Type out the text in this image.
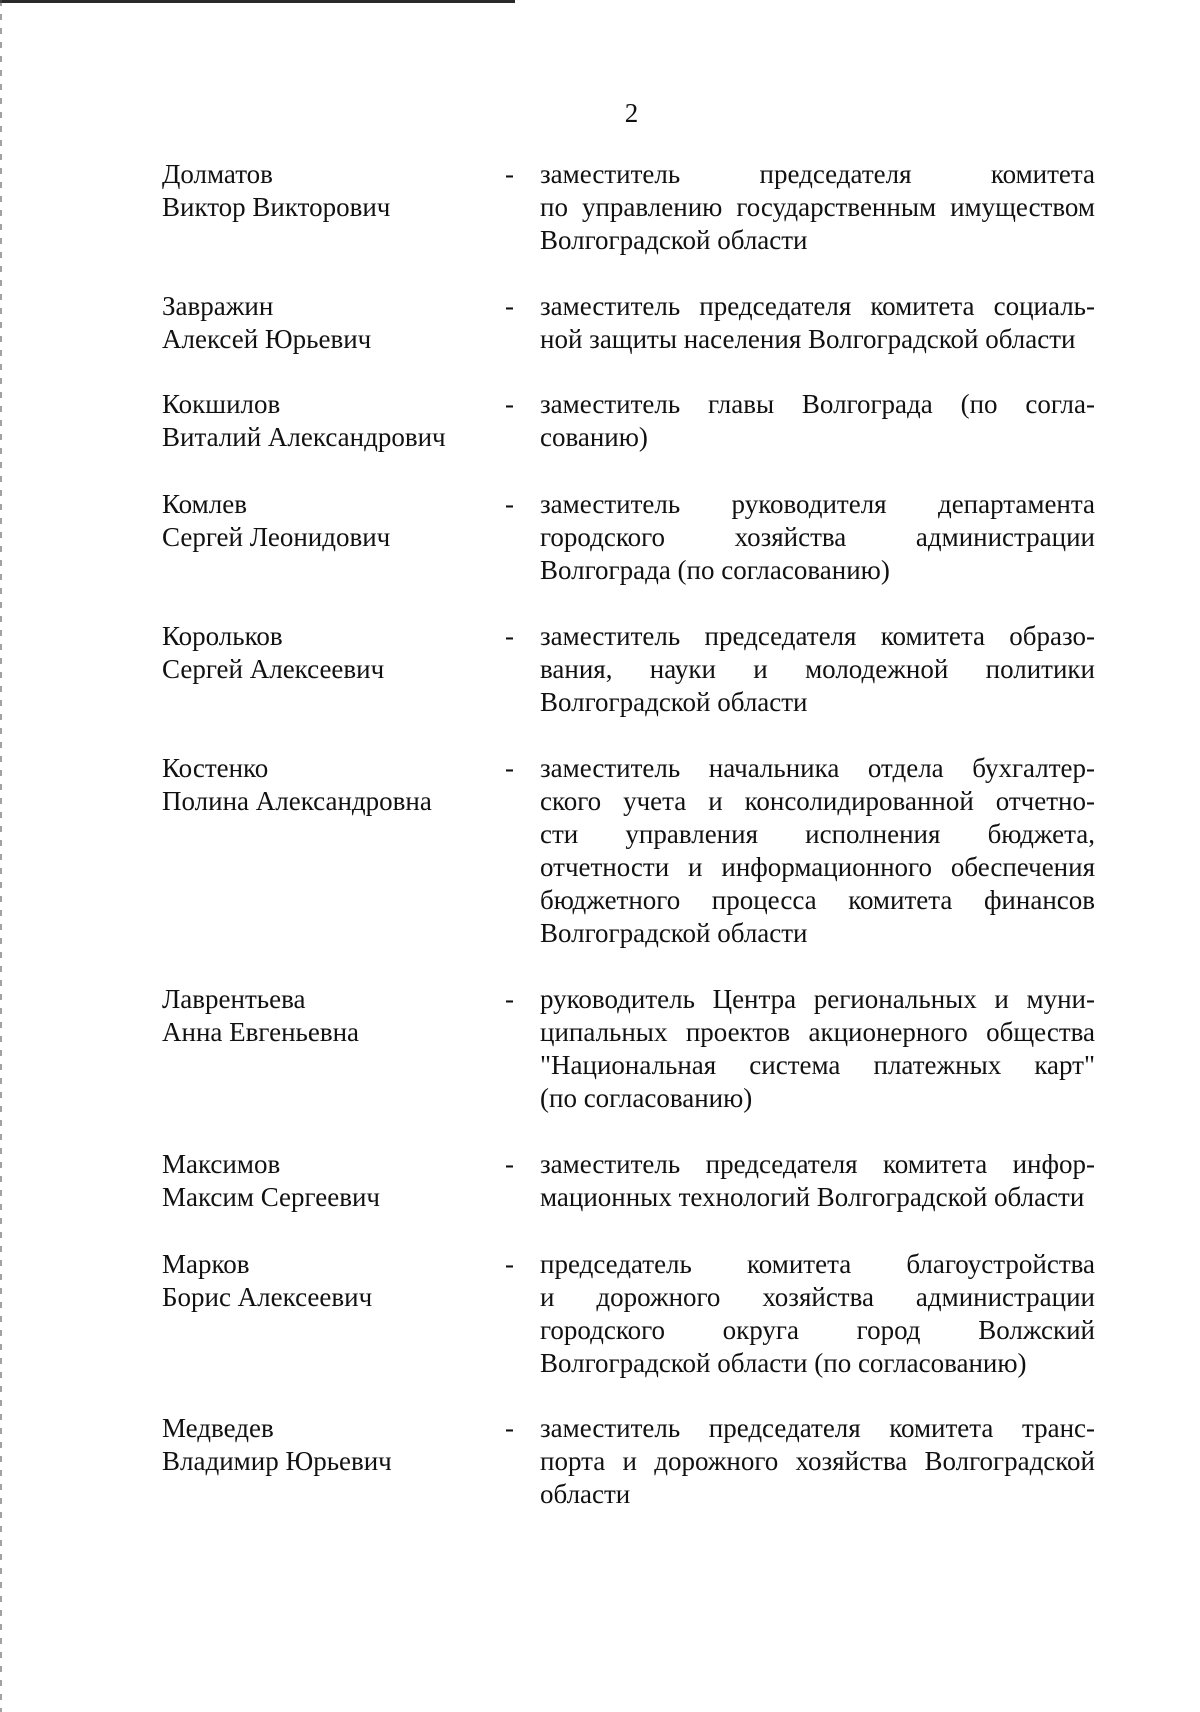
2
Долматов
Виктор Викторович
- заместитель председателя комитета
по управлению государственным имуществом
Волгоградской области
Завражин
Алексей Юрьевич
- заместитель председателя комитета социаль-
ной защиты населения Волгоградской области
Кокшилов
Виталий Александрович
- заместитель главы Волгограда (по согла-
сованию)
Комлев
Сергей Леонидович
- заместитель руководителя департамента
городского хозяйства администрации
Волгограда (по согласованию)
Корольков
Сергей Алексеевич
- заместитель председателя комитета образо-
вания, науки и молодежной политики
Волгоградской области
Костенко
Полина Александровна
- заместитель начальника отдела бухгалтер-
ского учета и консолидированной отчетно-
сти управления исполнения бюджета,
отчетности и информационного обеспечения
бюджетного процесса комитета финансов
Волгоградской области
Лаврентьева
Анна Евгеньевна
- руководитель Центра региональных и муни-
ципальных проектов акционерного общества
"Национальная система платежных карт"
(по согласованию)
Максимов
Максим Сергеевич
- заместитель председателя комитета инфор-
мационных технологий Волгоградской области
Марков
Борис Алексеевич
- председатель комитета благоустройства
и дорожного хозяйства администрации
городского округа город Волжский
Волгоградской области (по согласованию)
Медведев
Владимир Юрьевич
- заместитель председателя комитета транс-
порта и дорожного хозяйства Волгоградской
области
